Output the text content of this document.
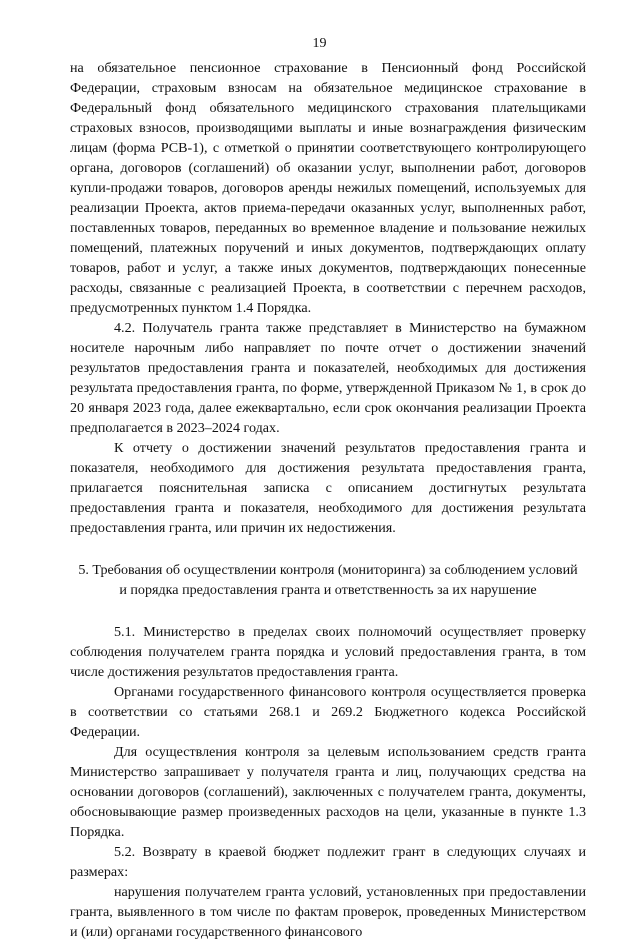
19

на обязательное пенсионное страхование в Пенсионный фонд Российской Федерации, страховым взносам на обязательное медицинское страхование в Федеральный фонд обязательного медицинского страхования плательщиками страховых взносов, производящими выплаты и иные вознаграждения физическим лицам (форма РСВ-1), с отметкой о принятии соответствующего контролирующего органа, договоров (соглашений) об оказании услуг, выполнении работ, договоров купли-продажи товаров, договоров аренды нежилых помещений, используемых для реализации Проекта, актов приема-передачи оказанных услуг, выполненных работ, поставленных товаров, переданных во временное владение и пользование нежилых помещений, платежных поручений и иных документов, подтверждающих оплату товаров, работ и услуг, а также иных документов, подтверждающих понесенные расходы, связанные с реализацией Проекта, в соответствии с перечнем расходов, предусмотренных пунктом 1.4 Порядка.

4.2. Получатель гранта также представляет в Министерство на бумажном носителе нарочным либо направляет по почте отчет о достижении значений результатов предоставления гранта и показателей, необходимых для достижения результата предоставления гранта, по форме, утвержденной Приказом № 1, в срок до 20 января 2023 года, далее ежеквартально, если срок окончания реализации Проекта предполагается в 2023–2024 годах.

К отчету о достижении значений результатов предоставления гранта и показателя, необходимого для достижения результата предоставления гранта, прилагается пояснительная записка с описанием достигнутых результата предоставления гранта и показателя, необходимого для достижения результата предоставления гранта, или причин их недостижения.

5. Требования об осуществлении контроля (мониторинга) за соблюдением условий и порядка предоставления гранта и ответственность за их нарушение

5.1. Министерство в пределах своих полномочий осуществляет проверку соблюдения получателем гранта порядка и условий предоставления гранта, в том числе достижения результатов предоставления гранта.

Органами государственного финансового контроля осуществляется проверка в соответствии со статьями 268.1 и 269.2 Бюджетного кодекса Российской Федерации.

Для осуществления контроля за целевым использованием средств гранта Министерство запрашивает у получателя гранта и лиц, получающих средства на основании договоров (соглашений), заключенных с получателем гранта, документы, обосновывающие размер произведенных расходов на цели, указанные в пункте 1.3 Порядка.

5.2. Возврату в краевой бюджет подлежит грант в следующих случаях и размерах:

нарушения получателем гранта условий, установленных при предоставлении гранта, выявленного в том числе по фактам проверок, проведенных Министерством и (или) органами государственного финансового
